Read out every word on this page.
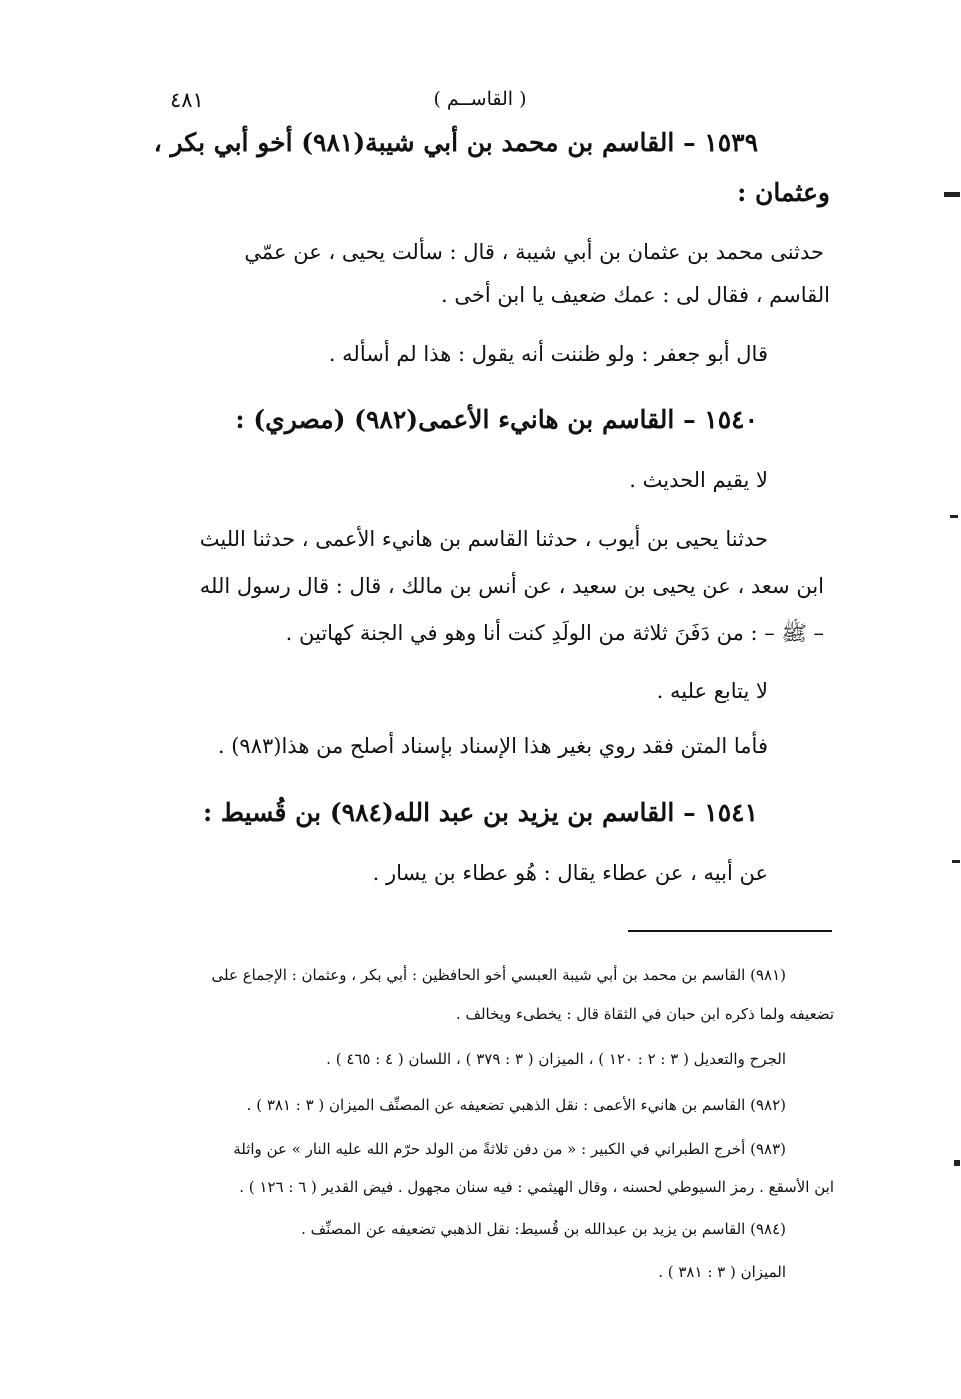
( القاســم )
٤٨١
١٥٣٩ – القاسم بن محمد بن أبي شيبة(٩٨١) أخو أبي بكر ،
وعثمان :
حدثنى محمد بن عثمان بن أبي شيبة ، قال : سألت يحيى ، عن عمّي
القاسم ، فقال لى : عمك ضعيف يا ابن أخى .
قال أبو جعفر : ولو ظننت أنه يقول : هذا لم أسأله .
١٥٤٠ – القاسم بن هانيء الأعمى(٩٨٢) (مصري) :
لا يقيم الحديث .
حدثنا يحيى بن أيوب ، حدثنا القاسم بن هانيء الأعمى ، حدثنا الليث
ابن سعد ، عن يحيى بن سعيد ، عن أنس بن مالك ، قال : قال رسول الله
– ﷺ – : من دَفَنَ ثلاثة من الولَدِ كنت أنا وهو في الجنة كهاتين .
لا يتابع عليه .
فأما المتن فقد روي بغير هذا الإسناد بإسناد أصلح من هذا(٩٨٣) .
١٥٤١ – القاسم بن يزيد بن عبد الله(٩٨٤) بن قُسيط :
عن أبيه ، عن عطاء يقال : هُو عطاء بن يسار .
(٩٨١) القاسم بن محمد بن أبي شيبة العبسي أخو الحافظين : أبي بكر ، وعثمان : الإجماع على
تضعيفه ولما ذكره ابن حبان في الثقاة قال : يخطىء ويخالف .
الجرح والتعديل ( ٣ : ٢ : ١٢٠ ) ، الميزان ( ٣ : ٣٧٩ ) ، اللسان ( ٤ : ٤٦٥ ) .
(٩٨٢) القاسم بن هانيء الأعمى : نقل الذهبي تضعيفه عن المصنِّف الميزان ( ٣ : ٣٨١ ) .
(٩٨٣) أخرج الطبراني في الكبير : « من دفن ثلاثةً من الولد حرّم الله عليه النار » عن واثلة
ابن الأسقع . رمز السيوطي لحسنه ، وقال الهيثمي : فيه سنان مجهول . فيض القدير ( ٦ : ١٢٦ ) .
(٩٨٤) القاسم بن يزيد بن عبدالله بن قُسيط: نقل الذهبي تضعيفه عن المصنِّف .
الميزان ( ٣ : ٣٨١ ) .
